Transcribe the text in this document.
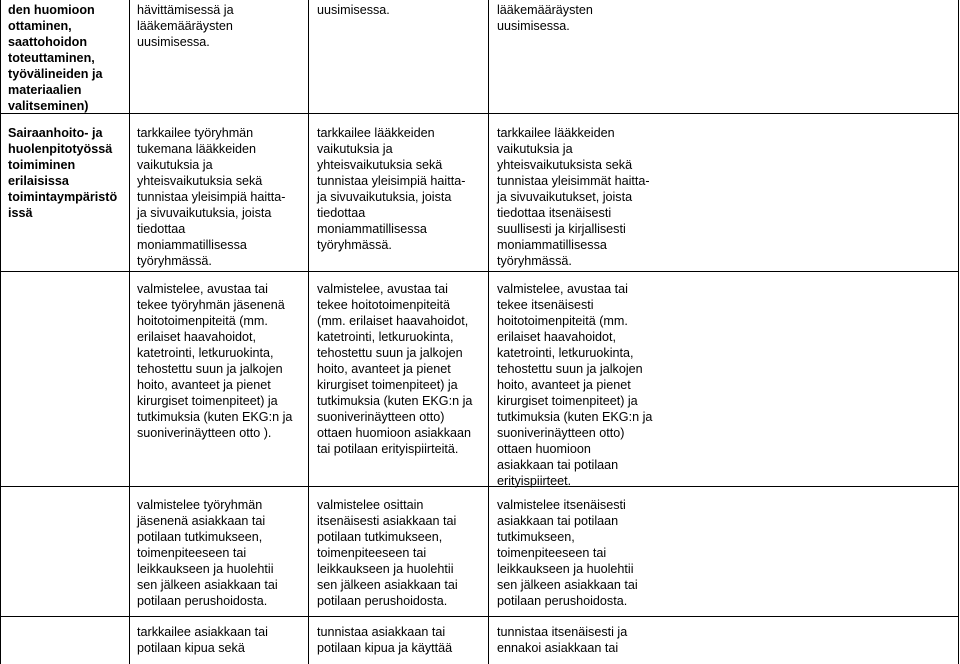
den huomioon
ottaminen,
saattohoidon
toteuttaminen,
työvälineiden ja
materiaalien
valitseminen)
hävittämisessä ja
lääkemääräysten
uusimisessa.
uusimisessa.	lääkemääräysten
uusimisessa.
Sairaanhoito- ja
huolenpitotyössä
toimiminen
erilaisissa
toimintaympäristö
issä
tarkkailee työryhmän
tukemana lääkkeiden
vaikutuksia ja
yhteisvaikutuksia sekä
tunnistaa yleisimpiä haitta-
ja sivuvaikutuksia, joista
tiedottaa
moniammatillisessa
työryhmässä.
tarkkailee lääkkeiden
vaikutuksia ja
yhteisvaikutuksia sekä
tunnistaa yleisimpiä haitta-
ja sivuvaikutuksia, joista
tiedottaa
moniammatillisessa
työryhmässä.
tarkkailee lääkkeiden
vaikutuksia ja
yhteisvaikutuksista sekä
tunnistaa yleisimmät haitta-
ja sivuvaikutukset, joista
tiedottaa itsenäisesti
suullisesti ja kirjallisesti
moniammatillisessa
työryhmässä.
valmistelee, avustaa tai
tekee työryhmän jäsenenä
hoitotoimenpiteitä (mm.
erilaiset haavahoidot,
katetrointi, letkuruokinta,
tehostettu suun ja jalkojen
hoito, avanteet ja pienet
kirurgiset toimenpiteet) ja
tutkimuksia (kuten EKG:n ja
suoniverinäytteen otto ).
valmistelee, avustaa tai
tekee hoitotoimenpiteitä
(mm. erilaiset haavahoidot,
katetrointi, letkuruokinta,
tehostettu suun ja jalkojen
hoito, avanteet ja pienet
kirurgiset toimenpiteet) ja
tutkimuksia (kuten EKG:n ja
suoniverinäytteen otto)
ottaen huomioon asiakkaan
tai potilaan erityispiirteitä.
valmistelee, avustaa tai
tekee itsenäisesti
hoitotoimenpiteitä (mm.
erilaiset haavahoidot,
katetrointi, letkuruokinta,
tehostettu suun ja jalkojen
hoito, avanteet ja pienet
kirurgiset toimenpiteet) ja
tutkimuksia (kuten EKG:n ja
suoniverinäytteen otto)
ottaen huomioon
asiakkaan tai potilaan
erityispiirteet.
valmistelee työryhmän
jäsenenä asiakkaan tai
potilaan tutkimukseen,
toimenpiteeseen tai
leikkaukseen ja huolehtii
sen jälkeen asiakkaan tai
potilaan perushoidosta.
valmistelee osittain
itsenäisesti asiakkaan tai
potilaan tutkimukseen,
toimenpiteeseen tai
leikkaukseen ja huolehtii
sen jälkeen asiakkaan tai
potilaan perushoidosta.
valmistelee itsenäisesti
asiakkaan tai potilaan
tutkimukseen,
toimenpiteeseen tai
leikkaukseen ja huolehtii
sen jälkeen asiakkaan tai
potilaan perushoidosta.
tarkkailee asiakkaan tai
potilaan kipua sekä
tunnistaa asiakkaan tai
potilaan kipua ja käyttää
tunnistaa itsenäisesti ja
ennakoi asiakkaan tai
